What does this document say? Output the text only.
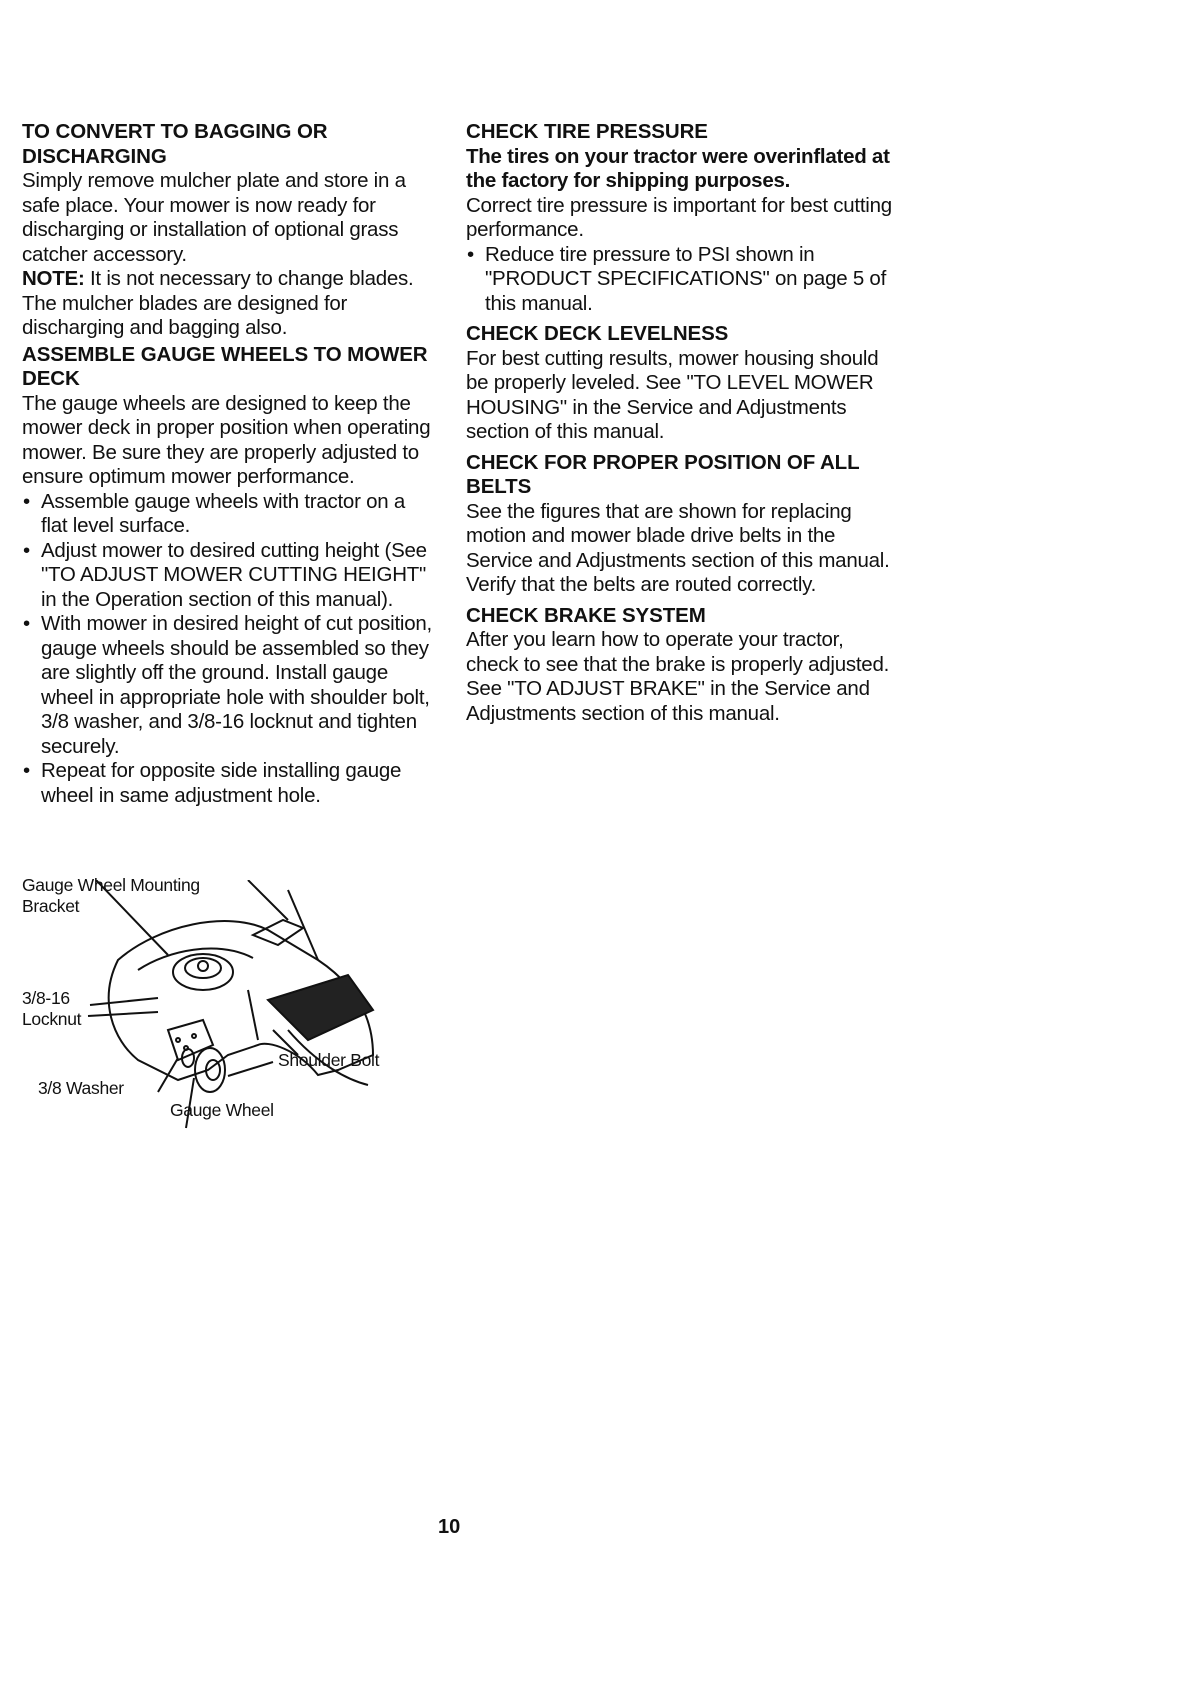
TO CONVERT TO BAGGING OR DISCHARGING

Simply remove mulcher plate and store in a safe place. Your mower is now ready for discharging or installation of optional grass catcher accessory.

NOTE: It is not necessary to change blades. The mulcher blades are designed for discharging and bagging also.

ASSEMBLE GAUGE WHEELS TO MOWER DECK

The gauge wheels are designed to keep the mower deck in proper position when operating mower. Be sure they are properly adjusted to ensure optimum mower performance.

• Assemble gauge wheels with tractor on a flat level surface.
• Adjust mower to desired cutting height (See "TO ADJUST MOWER CUTTING HEIGHT" in the Operation section of this manual).
• With mower in desired height of cut position, gauge wheels should be assembled so they are slightly off the ground. Install gauge wheel in appropriate hole with shoulder bolt, 3/8 washer, and 3/8-16 locknut and tighten securely.
• Repeat for opposite side installing gauge wheel in same adjustment hole.
CHECK TIRE PRESSURE

The tires on your tractor were overinflated at the factory for shipping purposes.

Correct tire pressure is important for best cutting performance.

• Reduce tire pressure to PSI shown in "PRODUCT SPECIFICATIONS" on page 5 of this manual.
CHECK DECK LEVELNESS

For best cutting results, mower housing should be properly leveled. See "TO LEVEL MOWER HOUSING" in the Service and Adjustments section of this manual.

CHECK FOR PROPER POSITION OF ALL BELTS

See the figures that are shown for replacing motion and mower blade drive belts in the Service and Adjustments section of this manual. Verify that the belts are routed correctly.

CHECK BRAKE SYSTEM

After you learn how to operate your tractor, check to see that the brake is properly adjusted. See "TO ADJUST BRAKE" in the Service and Adjustments section of this manual.

Gauge Wheel Mounting Bracket
3/8-16 Locknut
3/8 Washer
Shoulder Bolt
Gauge Wheel
10
